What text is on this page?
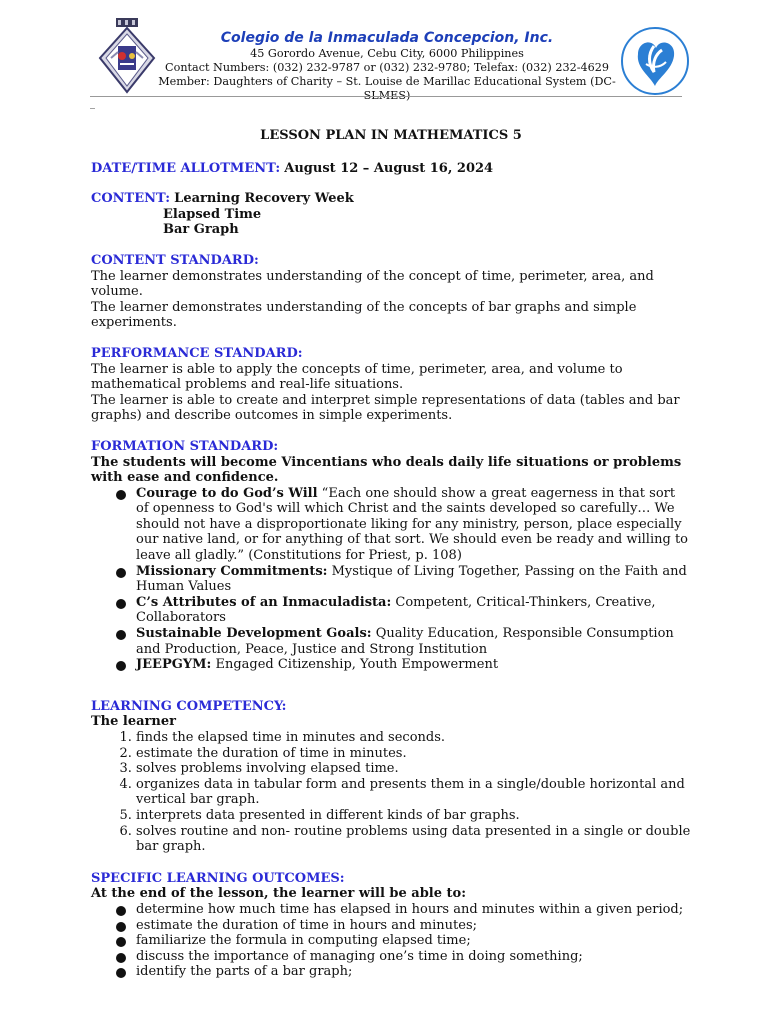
Colegio de la Inmaculada Concepcion, Inc.
45 Gorordo Avenue, Cebu City, 6000 Philippines
Contact Numbers: (032) 232-9787 or (032) 232-9780; Telefax: (032) 232-4629
Member: Daughters of Charity – St. Louise de Marillac Educational System (DC- SLMES)
_

LESSON PLAN IN MATHEMATICS 5

DATE/TIME ALLOTMENT: August 12 – August 16, 2024

CONTENT: Learning Recovery Week

Elapsed Time

Bar Graph

CONTENT STANDARD:

The learner demonstrates understanding of the concept of time, perimeter, area, and volume.

The learner demonstrates understanding of the concepts of bar graphs and simple experiments.

PERFORMANCE STANDARD:

The learner is able to apply the concepts of time, perimeter, area, and volume to mathematical problems and real-life situations.

The learner is able to create and interpret simple representations of data (tables and bar graphs) and describe outcomes in simple experiments.

FORMATION STANDARD:

The students will become Vincentians who deals daily life situations or problems with ease and confidence.

Courage to do God’s Will “Each one should show a great eagerness in that sort of openness to God's will which Christ and the saints developed so carefully… We should not have a disproportionate liking for any ministry, person, place especially our native land, or for anything of that sort. We should even be ready and willing to leave all gladly.” (Constitutions for Priest, p. 108)
Missionary Commitments: Mystique of Living Together, Passing on the Faith and Human Values
C’s Attributes of an Inmaculadista: Competent, Critical-Thinkers, Creative, Collaborators
Sustainable Development Goals: Quality Education, Responsible Consumption and Production, Peace, Justice and Strong Institution
JEEPGYM: Engaged Citizenship, Youth Empowerment

LEARNING COMPETENCY:

The learner

1. finds the elapsed time in minutes and seconds.
2. estimate the duration of time in minutes.
3. solves problems involving elapsed time.
4. organizes data in tabular form and presents them in a single/double horizontal and vertical bar graph.
5. interprets data presented in different kinds of bar graphs.
6. solves routine and non- routine problems using data presented in a single or double bar graph.

SPECIFIC LEARNING OUTCOMES:

At the end of the lesson, the learner will be able to:

determine how much time has elapsed in hours and minutes within a given period;
estimate the duration of time in hours and minutes;
familiarize the formula in computing elapsed time;
discuss the importance of managing one’s time in doing something;
identify the parts of a bar graph;
